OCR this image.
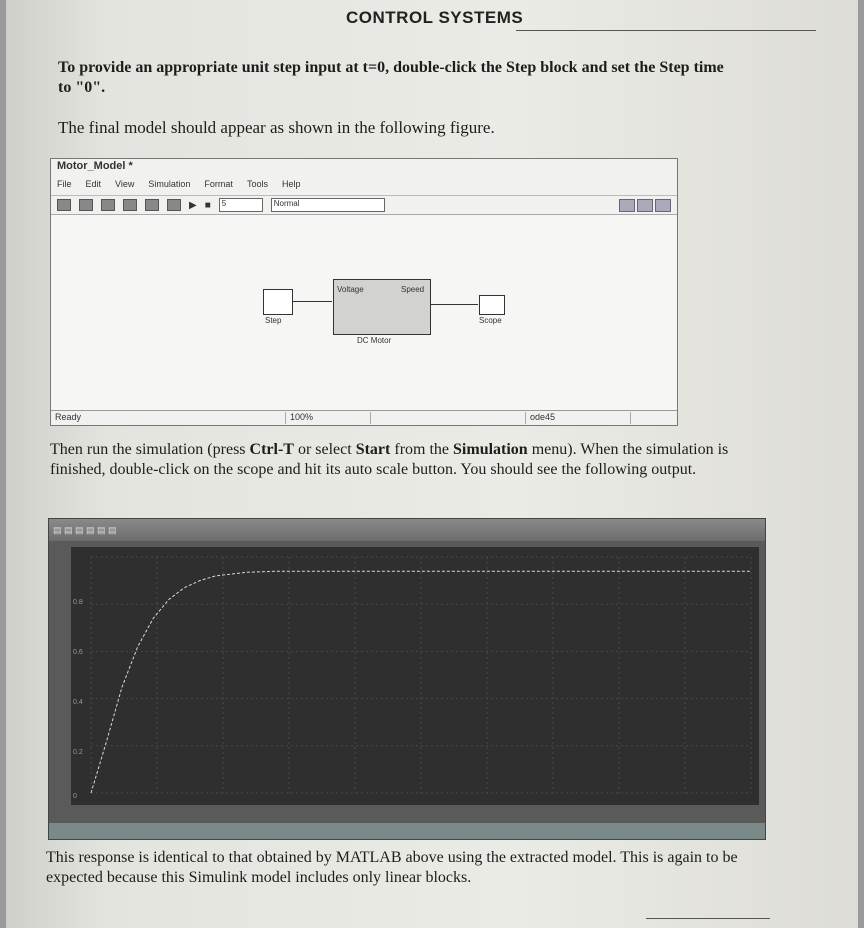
CONTROL SYSTEMS
To provide an appropriate unit step input at t=0, double-click the Step block and set the Step time to "0".
The final model should appear as shown in the following figure.
Motor_Model *
File Edit View Simulation Format Tools Help
▶ ■	5	Normal
Step
Voltage	Speed
DC Motor
Scope
Ready	100%	ode45
Then run the simulation (press Ctrl-T or select Start from the Simulation menu). When the simulation is finished, double-click on the scope and hit its auto scale button. You should see the following output.
▤ ▤ ▤ ▤ ▤ ▤
0.8
0.6
0.4
0.2
0
This response is identical to that obtained by MATLAB above using the extracted model. This is again to be expected because this Simulink model includes only linear blocks.
